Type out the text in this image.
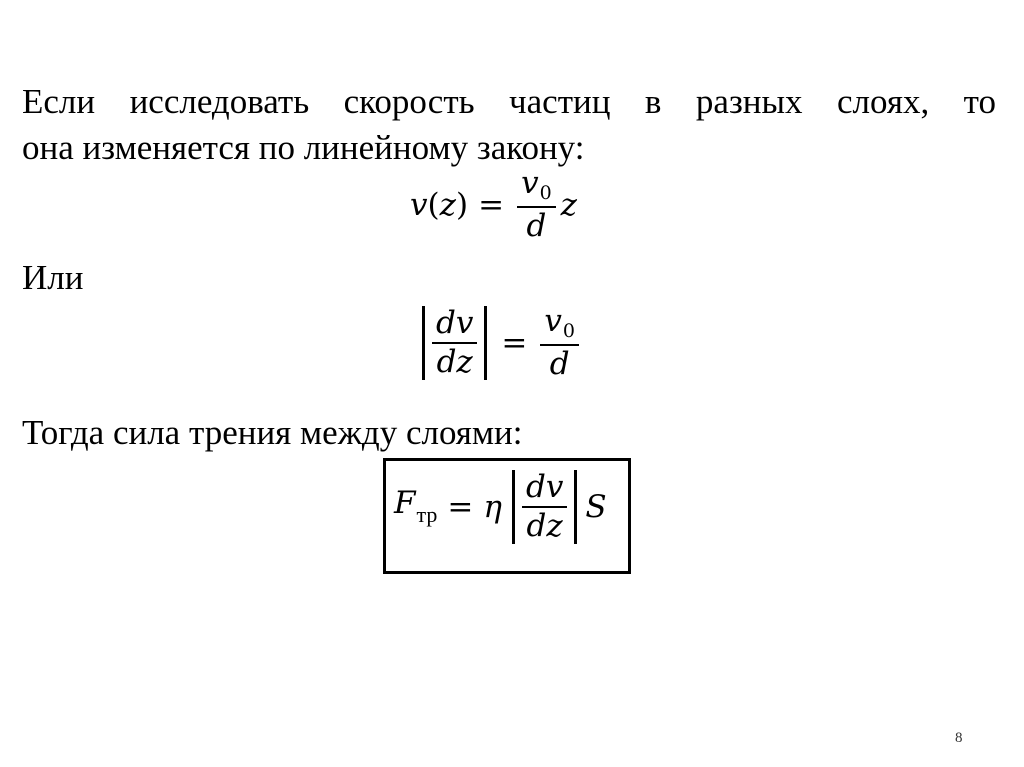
Если исследовать скорость частиц в разных слоях, то
она изменяется по линейному закону:
v ( z ) = $\frac{v0}{d}$ z
Или
$\frac{dv}{dz} = \frac{v0}{d}$
Тогда сила трения между слоями:
$F_{тр} = \eta \frac{dv}{dz}$ S
8
